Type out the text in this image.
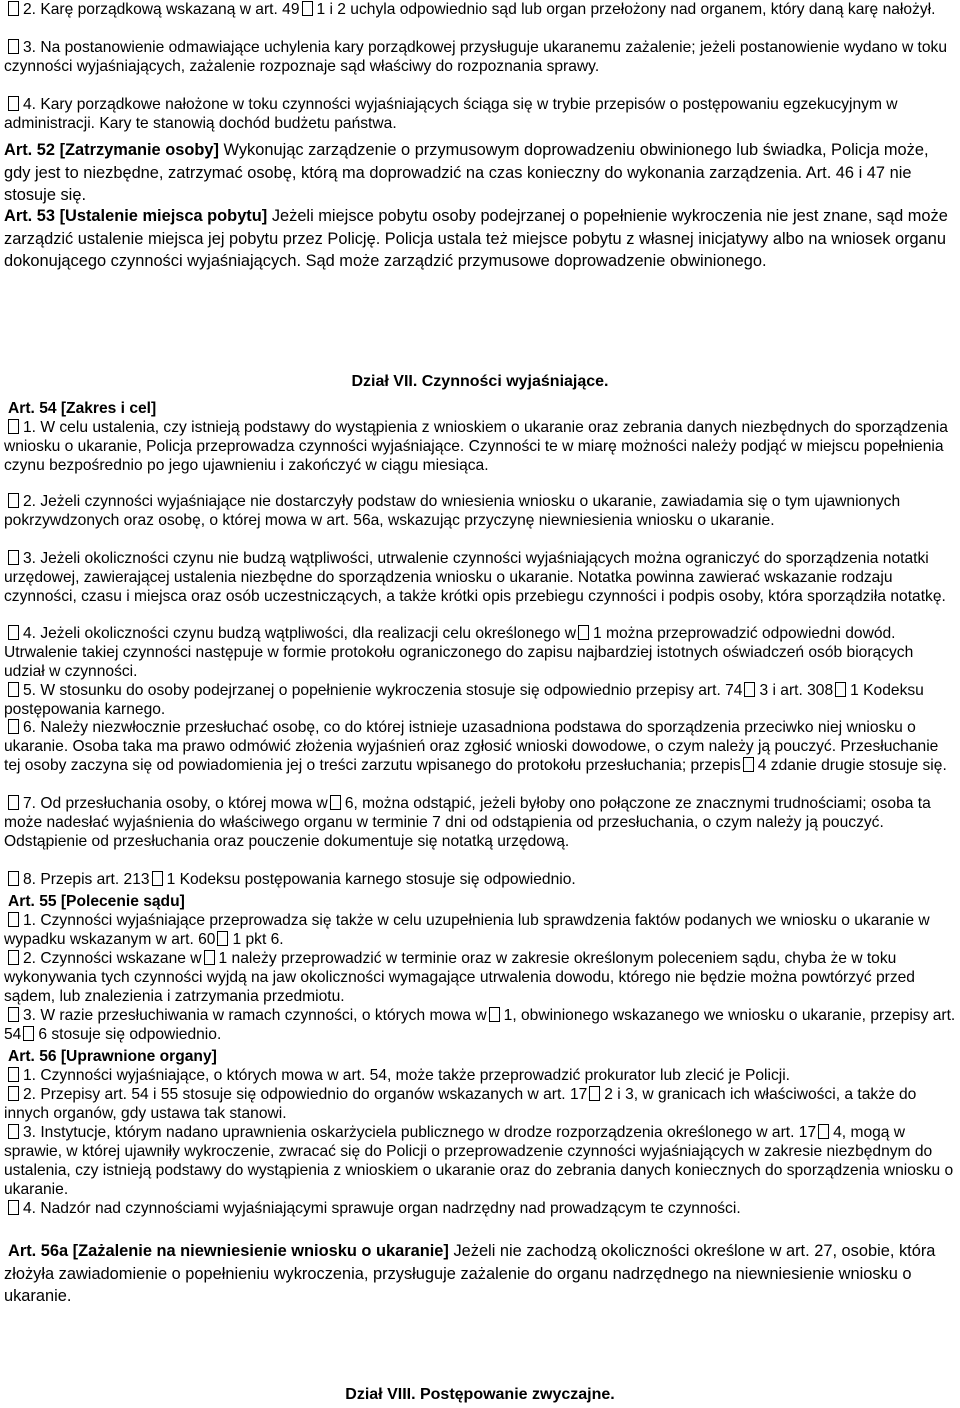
2. Karę porządkową wskazaną w art. 49 1 i 2 uchyla odpowiednio sąd lub organ przełożony nad organem, który daną karę nałożył.

3. Na postanowienie odmawiające uchylenia kary porządkowej przysługuje ukaranemu zażalenie; jeżeli postanowienie wydano w toku czynności wyjaśniających, zażalenie rozpoznaje sąd właściwy do rozpoznania sprawy.

4. Kary porządkowe nałożone w toku czynności wyjaśniających ściąga się w trybie przepisów o postępowaniu egzekucyjnym w administracji. Kary te stanowią dochód budżetu państwa.

Art. 52 [Zatrzymanie osoby] Wykonując zarządzenie o przymusowym doprowadzeniu obwinionego lub świadka, Policja może, gdy jest to niezbędne, zatrzymać osobę, którą ma doprowadzić na czas konieczny do wykonania zarządzenia. Art. 46 i 47 nie stosuje się.

Art. 53 [Ustalenie miejsca pobytu] Jeżeli miejsce pobytu osoby podejrzanej o popełnienie wykroczenia nie jest znane, sąd może zarządzić ustalenie miejsca jej pobytu przez Policję. Policja ustala też miejsce pobytu z własnej inicjatywy albo na wniosek organu dokonującego czynności wyjaśniających. Sąd może zarządzić przymusowe doprowadzenie obwinionego.

Dział VII. Czynności wyjaśniające.

Art. 54 [Zakres i cel]

1. W celu ustalenia, czy istnieją podstawy do wystąpienia z wnioskiem o ukaranie oraz zebrania danych niezbędnych do sporządzenia wniosku o ukaranie, Policja przeprowadza czynności wyjaśniające. Czynności te w miarę możności należy podjąć w miejscu popełnienia czynu bezpośrednio po jego ujawnieniu i zakończyć w ciągu miesiąca.

2. Jeżeli czynności wyjaśniające nie dostarczyły podstaw do wniesienia wniosku o ukaranie, zawiadamia się o tym ujawnionych pokrzywdzonych oraz osobę, o której mowa w art. 56a, wskazując przyczynę niewniesienia wniosku o ukaranie.

3. Jeżeli okoliczności czynu nie budzą wątpliwości, utrwalenie czynności wyjaśniających można ograniczyć do sporządzenia notatki urzędowej, zawierającej ustalenia niezbędne do sporządzenia wniosku o ukaranie. Notatka powinna zawierać wskazanie rodzaju czynności, czasu i miejsca oraz osób uczestniczących, a także krótki opis przebiegu czynności i podpis osoby, która sporządziła notatkę.

4. Jeżeli okoliczności czynu budzą wątpliwości, dla realizacji celu określonego w 1 można przeprowadzić odpowiedni dowód. Utrwalenie takiej czynności następuje w formie protokołu ograniczonego do zapisu najbardziej istotnych oświadczeń osób biorących udział w czynności.

5. W stosunku do osoby podejrzanej o popełnienie wykroczenia stosuje się odpowiednio przepisy art. 74 3 i art. 308 1 Kodeksu postępowania karnego.

6. Należy niezwłocznie przesłuchać osobę, co do której istnieje uzasadniona podstawa do sporządzenia przeciwko niej wniosku o ukaranie. Osoba taka ma prawo odmówić złożenia wyjaśnień oraz zgłosić wnioski dowodowe, o czym należy ją pouczyć. Przesłuchanie tej osoby zaczyna się od powiadomienia jej o treści zarzutu wpisanego do protokołu przesłuchania; przepis 4 zdanie drugie stosuje się.

7. Od przesłuchania osoby, o której mowa w 6, można odstąpić, jeżeli byłoby ono połączone ze znacznymi trudnościami; osoba ta może nadesłać wyjaśnienia do właściwego organu w terminie 7 dni od odstąpienia od przesłuchania, o czym należy ją pouczyć. Odstąpienie od przesłuchania oraz pouczenie dokumentuje się notatką urzędową.

8. Przepis art. 213 1 Kodeksu postępowania karnego stosuje się odpowiednio.

Art. 55 [Polecenie sądu]

1. Czynności wyjaśniające przeprowadza się także w celu uzupełnienia lub sprawdzenia faktów podanych we wniosku o ukaranie w wypadku wskazanym w art. 60 1 pkt 6.

2. Czynności wskazane w 1 należy przeprowadzić w terminie oraz w zakresie określonym poleceniem sądu, chyba że w toku wykonywania tych czynności wyjdą na jaw okoliczności wymagające utrwalenia dowodu, którego nie będzie można powtórzyć przed sądem, lub znalezienia i zatrzymania przedmiotu.

3. W razie przesłuchiwania w ramach czynności, o których mowa w 1, obwinionego wskazanego we wniosku o ukaranie, przepisy art. 54 6 stosuje się odpowiednio.

Art. 56 [Uprawnione organy]

1. Czynności wyjaśniające, o których mowa w art. 54, może także przeprowadzić prokurator lub zlecić je Policji.

2. Przepisy art. 54 i 55 stosuje się odpowiednio do organów wskazanych w art. 17 2 i 3, w granicach ich właściwości, a także do innych organów, gdy ustawa tak stanowi.

3. Instytucje, którym nadano uprawnienia oskarżyciela publicznego w drodze rozporządzenia określonego w art. 17 4, mogą w sprawie, w której ujawniły wykroczenie, zwracać się do Policji o przeprowadzenie czynności wyjaśniających w zakresie niezbędnym do ustalenia, czy istnieją podstawy do wystąpienia z wnioskiem o ukaranie oraz do zebrania danych koniecznych do sporządzenia wniosku o ukaranie.

4. Nadzór nad czynnościami wyjaśniającymi sprawuje organ nadrzędny nad prowadzącym te czynności.

Art. 56a [Zażalenie na niewniesienie wniosku o ukaranie] Jeżeli nie zachodzą okoliczności określone w art. 27, osobie, która złożyła zawiadomienie o popełnieniu wykroczenia, przysługuje zażalenie do organu nadrzędnego na niewniesienie wniosku o ukaranie.

Dział VIII. Postępowanie zwyczajne.
